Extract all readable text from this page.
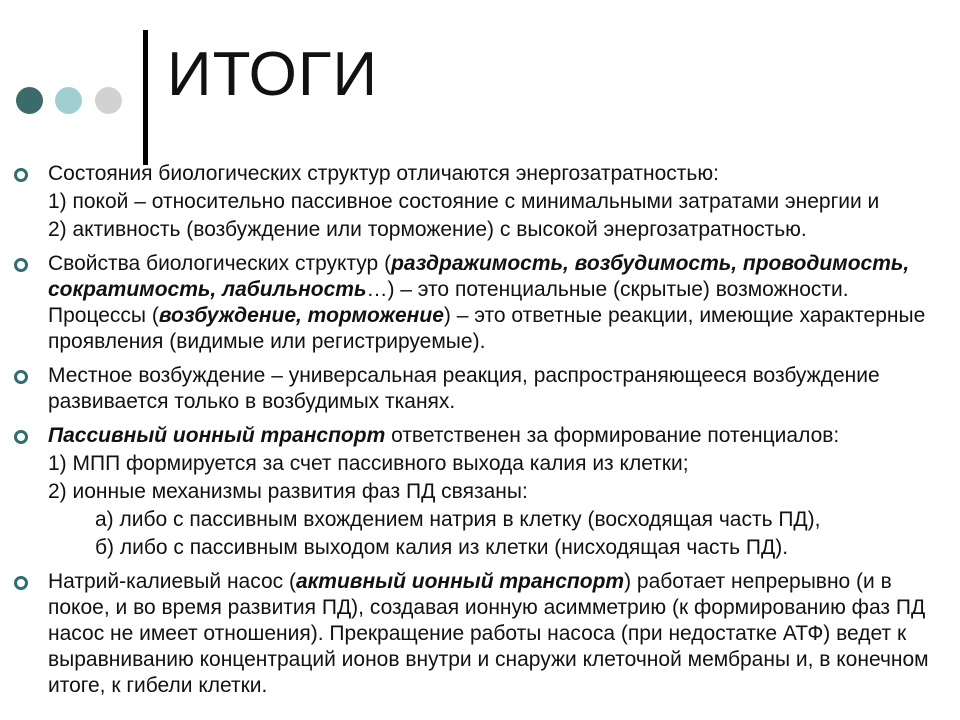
ИТОГИ
Состояния биологических структур отличаются энергозатратностью:
1) покой – относительно пассивное состояние с минимальными затратами энергии и
2) активность (возбуждение или торможение) с высокой энергозатратностью.
Свойства биологических структур (раздражимость, возбудимость, проводимость, сократимость, лабильность…) – это потенциальные (скрытые) возможности. Процессы (возбуждение, торможение) – это ответные реакции, имеющие характерные проявления (видимые или регистрируемые).
Местное возбуждение – универсальная реакция, распространяющееся возбуждение развивается только в возбудимых тканях.
Пассивный ионный транспорт ответственен за формирование потенциалов:
1) МПП формируется за счет пассивного выхода калия из клетки;
2) ионные механизмы развития фаз ПД связаны:
а) либо с пассивным вхождением натрия в клетку (восходящая часть ПД),
б) либо с пассивным выходом калия из клетки (нисходящая часть ПД).
Натрий-калиевый насос (активный ионный транспорт) работает непрерывно (и в покое, и во время развития ПД), создавая ионную асимметрию (к формированию фаз ПД насос не имеет отношения). Прекращение работы насоса (при недостатке АТФ) ведет к выравниванию концентраций ионов внутри и снаружи клеточной мембраны и, в конечном итоге, к гибели клетки.
